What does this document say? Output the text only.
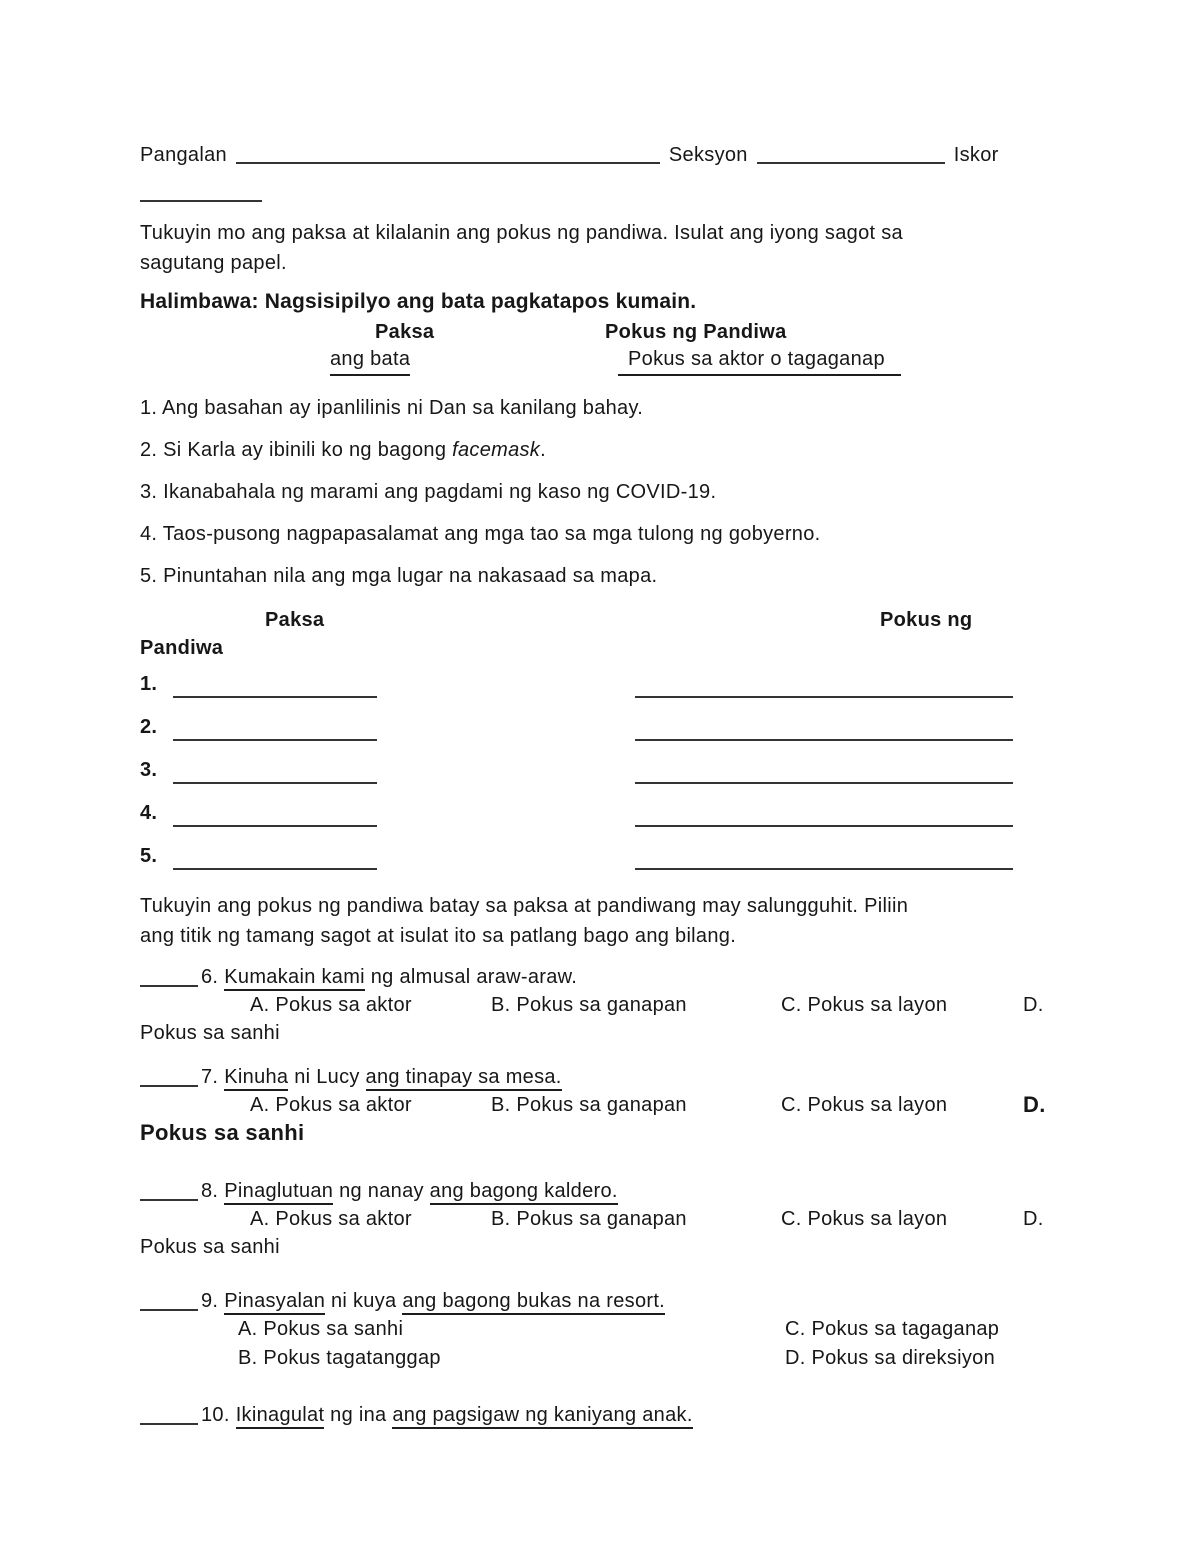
Pangalan	Seksyon	Iskor

Tukuyin mo ang paksa at kilalanin ang pokus ng pandiwa. Isulat ang iyong sagot sa
sagutang papel.

Halimbawa: Nagsisipilyo ang bata pagkatapos kumain.
Paksa	Pokus ng Pandiwa
ang bata	Pokus sa aktor o tagaganap

1. Ang basahan ay ipanlilinis ni Dan sa kanilang bahay.

2. Si Karla ay ibinili ko ng bagong facemask.

3. Ikanabahala ng marami ang pagdami ng kaso ng COVID-19.

4. Taos-pusong nagpapasalamat ang mga tao sa mga tulong ng gobyerno.

5. Pinuntahan nila ang mga lugar na nakasaad sa mapa.

Paksa	Pokus ng

Pandiwa

1.
2.
3.
4.
5.

Tukuyin ang pokus ng pandiwa batay sa paksa at pandiwang may salungguhit. Piliin
ang titik ng tamang sagot at isulat ito sa patlang bago ang bilang.

6. Kumakain kami ng almusal araw-araw.

A. Pokus sa aktor	B. Pokus sa ganapan	C. Pokus sa layon	D.

Pokus sa sanhi

7. Kinuha ni Lucy ang tinapay sa mesa.

A. Pokus sa aktor	B. Pokus sa ganapan	C. Pokus sa layon	D.

Pokus sa sanhi

8. Pinaglutuan ng nanay ang bagong kaldero.

A. Pokus sa aktor	B. Pokus sa ganapan	C. Pokus sa layon	D.

Pokus sa sanhi

9. Pinasyalan ni kuya ang bagong bukas na resort.

A. Pokus sa sanhi	C. Pokus sa tagaganap
B. Pokus tagatanggap	D. Pokus sa direksiyon

10. Ikinagulat ng ina ang pagsigaw ng kaniyang anak.
